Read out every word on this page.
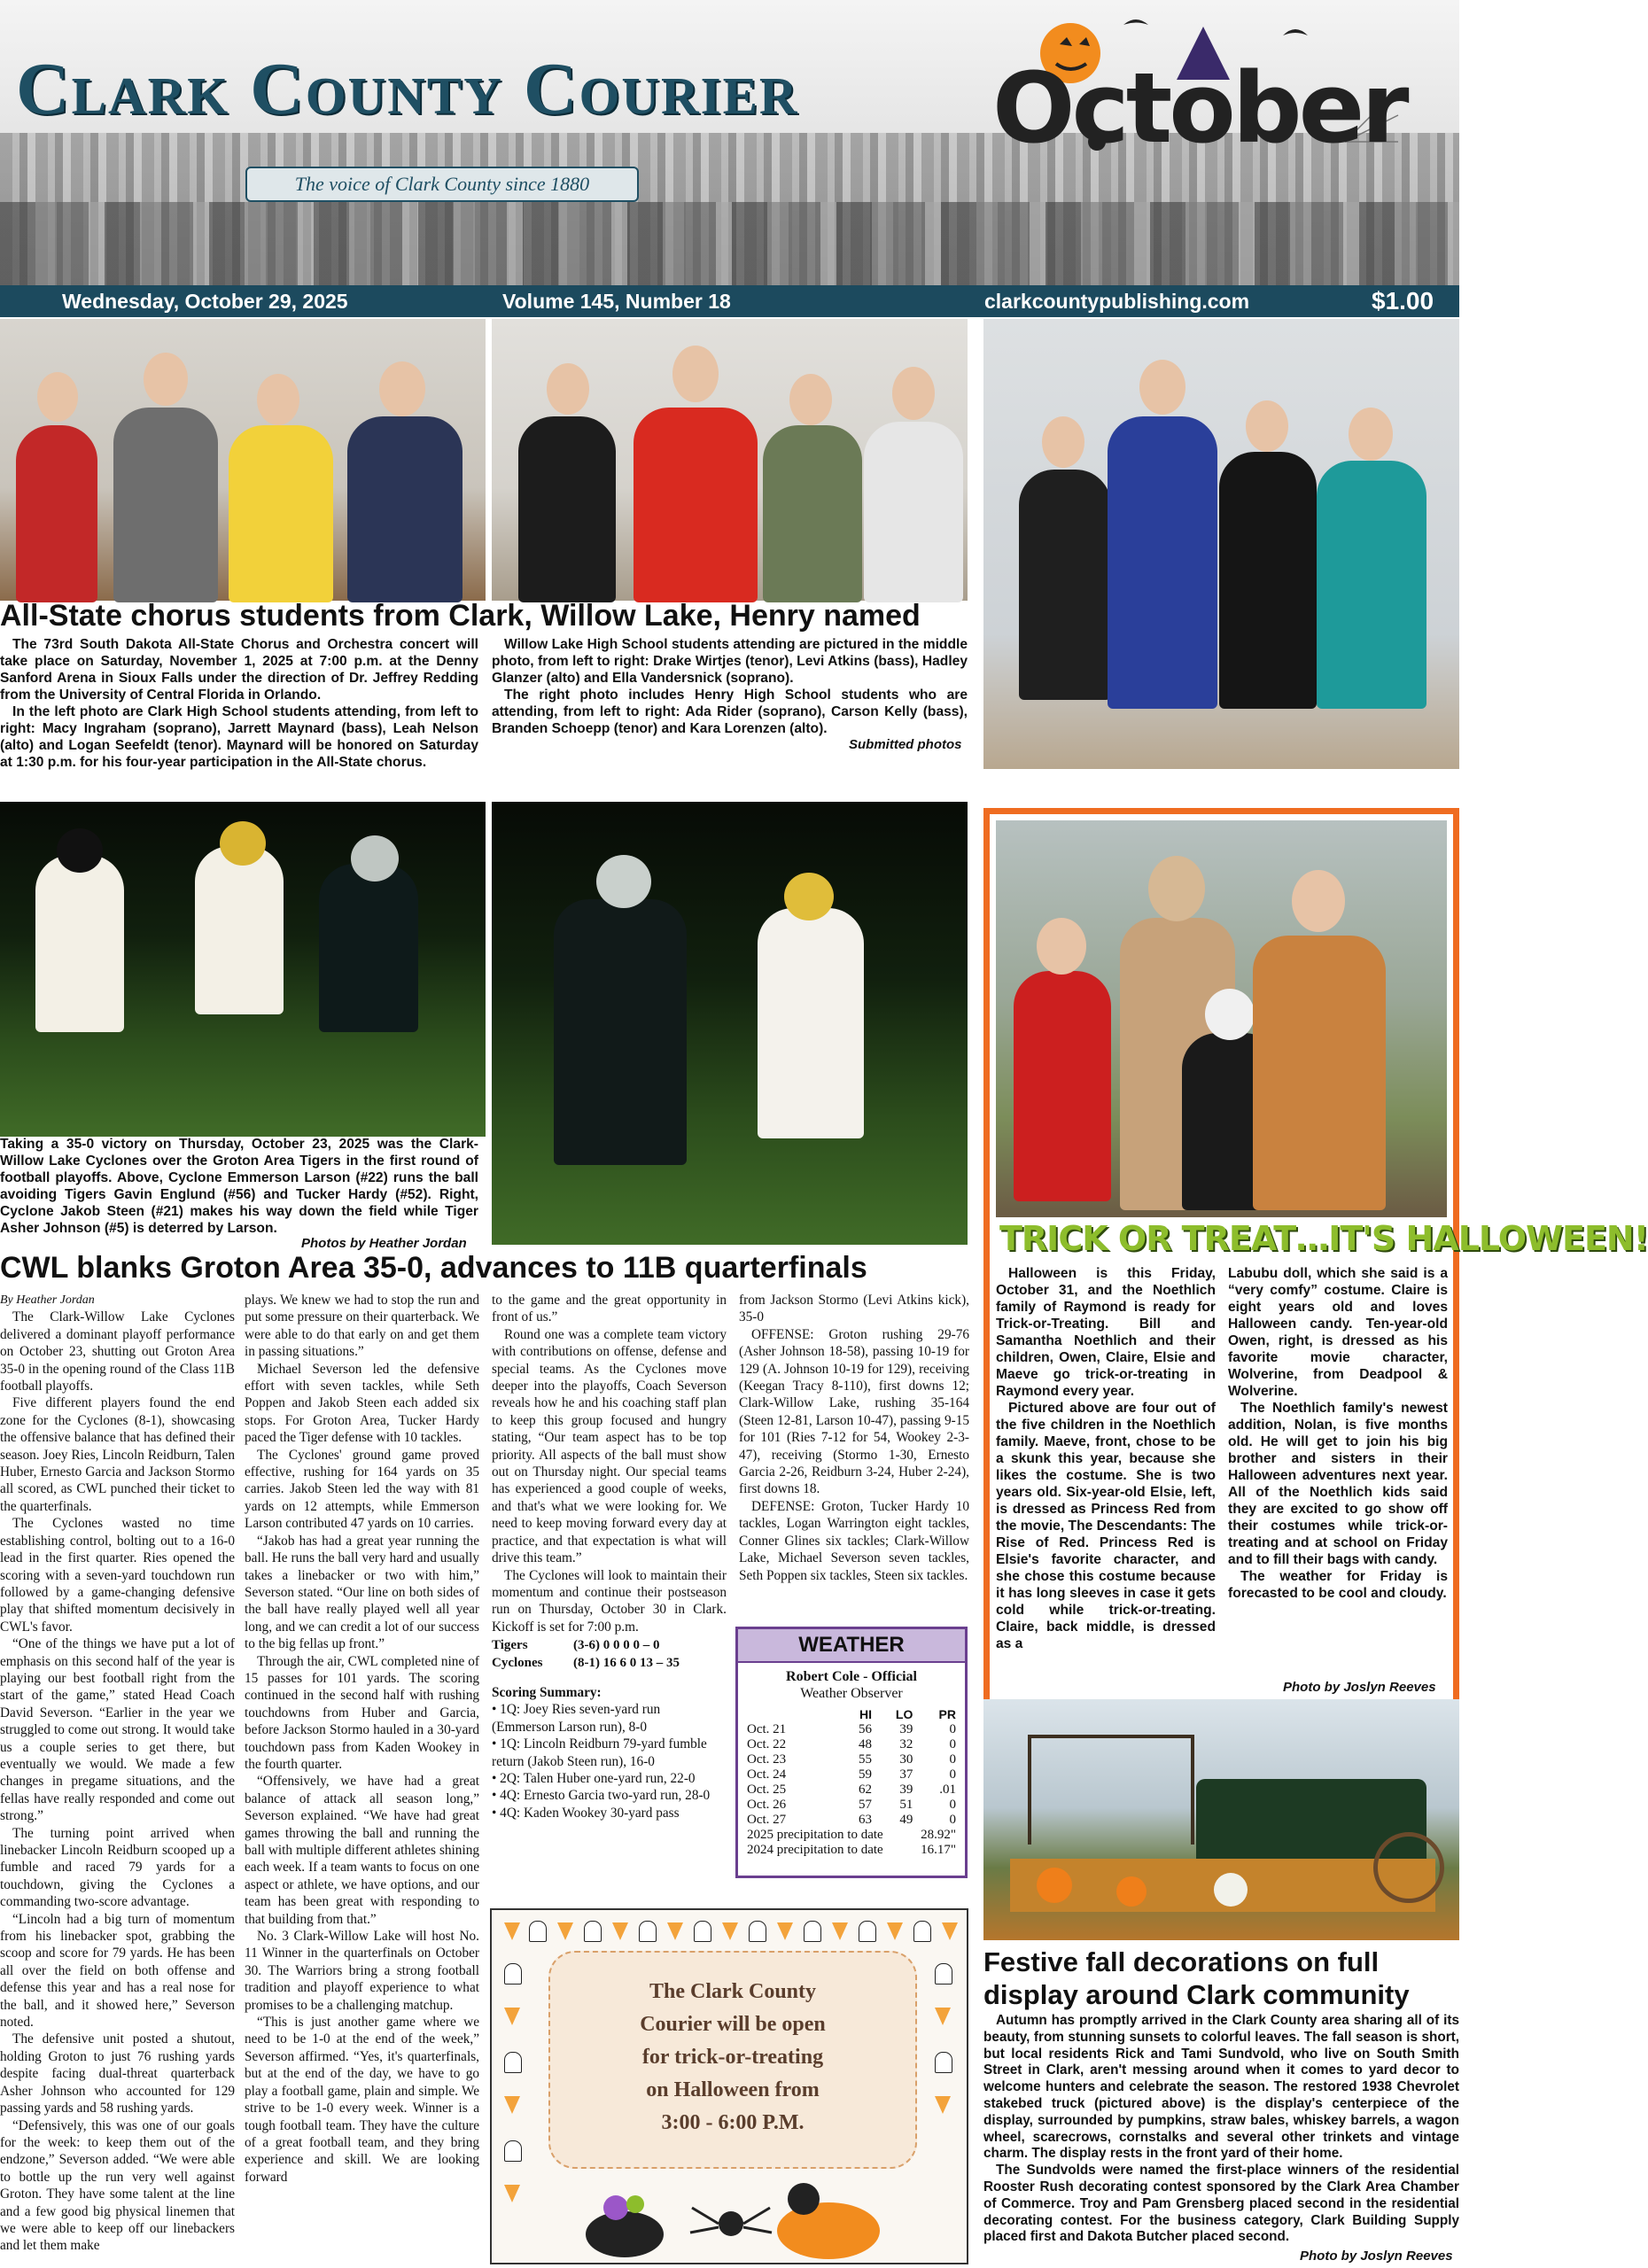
Clark County Courier
The voice of Clark County since 1880
October
Wednesday, October 29, 2025	Volume 145, Number 18	clarkcountypublishing.com	$1.00
All-State chorus students from Clark, Willow Lake, Henry named
The 73rd South Dakota All-State Chorus and Orchestra concert will take place on Saturday, November 1, 2025 at 7:00 p.m. at the Denny Sanford Arena in Sioux Falls under the direction of Dr. Jeffrey Redding from the University of Central Florida in Orlando.
In the left photo are Clark High School students attending, from left to right: Macy Ingraham (soprano), Jarrett Maynard (bass), Leah Nelson (alto) and Logan Seefeldt (tenor). Maynard will be honored on Saturday at 1:30 p.m. for his four-year participation in the All-State chorus.
Willow Lake High School students attending are pictured in the middle photo, from left to right: Drake Wirtjes (tenor), Levi Atkins (bass), Hadley Glanzer (alto) and Ella Vandersnick (soprano).
The right photo includes Henry High School students who are attending, from left to right: Ada Rider (soprano), Carson Kelly (bass), Branden Schoepp (tenor) and Kara Lorenzen (alto).
Submitted photos
Taking a 35-0 victory on Thursday, October 23, 2025 was the Clark-Willow Lake Cyclones over the Groton Area Tigers in the first round of football playoffs. Above, Cyclone Emmerson Larson (#22) runs the ball avoiding Tigers Gavin Englund (#56) and Tucker Hardy (#52). Right, Cyclone Jakob Steen (#21) makes his way down the field while Tiger Asher Johnson (#5) is deterred by Larson.
Photos by Heather Jordan
CWL blanks Groton Area 35-0, advances to 11B quarterfinals
By Heather Jordan

The Clark-Willow Lake Cyclones delivered a dominant playoff performance on October 23, shutting out Groton Area 35-0 in the opening round of the Class 11B football playoffs.

Five different players found the end zone for the Cyclones (8-1), showcasing the offensive balance that has defined their season. Joey Ries, Lincoln Reidburn, Talen Huber, Ernesto Garcia and Jackson Stormo all scored, as CWL punched their ticket to the quarterfinals.

The Cyclones wasted no time establishing control, bolting out to a 16-0 lead in the first quarter. Ries opened the scoring with a seven-yard touchdown run followed by a game-changing defensive play that shifted momentum decisively in CWL's favor.

“One of the things we have put a lot of emphasis on this second half of the year is playing our best football right from the start of the game,” stated Head Coach David Severson. “Earlier in the year we struggled to come out strong. It would take us a couple series to get there, but eventually we would. We made a few changes in pregame situations, and the fellas have really responded and come out strong.”

The turning point arrived when linebacker Lincoln Reidburn scooped up a fumble and raced 79 yards for a touchdown, giving the Cyclones a commanding two-score advantage.

“Lincoln had a big turn of momentum from his linebacker spot, grabbing the scoop and score for 79 yards. He has been all over the field on both offense and defense this year and has a real nose for the ball, and it showed here,” Severson noted.

The defensive unit posted a shutout, holding Groton to just 76 rushing yards despite facing dual-threat quarterback Asher Johnson who accounted for 129 passing yards and 58 rushing yards.

“Defensively, this was one of our goals for the week: to keep them out of the endzone,” Severson added. “We were able to bottle up the run very well against Groton. They have some talent at the line and a few good big physical linemen that we were able to keep off our linebackers and let them make

plays. We knew we had to stop the run and put some pressure on their quarterback. We were able to do that early on and get them in passing situations.”

Michael Severson led the defensive effort with seven tackles, while Seth Poppen and Jakob Steen each added six stops. For Groton Area, Tucker Hardy paced the Tiger defense with 10 tackles.

The Cyclones' ground game proved effective, rushing for 164 yards on 35 carries. Jakob Steen led the way with 81 yards on 12 attempts, while Emmerson Larson contributed 47 yards on 10 carries.

“Jakob has had a great year running the ball. He runs the ball very hard and usually takes a linebacker or two with him,” Severson stated. “Our line on both sides of the ball have really played well all year long, and we can credit a lot of our success to the big fellas up front.”

Through the air, CWL completed nine of 15 passes for 101 yards. The scoring continued in the second half with rushing touchdowns from Huber and Garcia, before Jackson Stormo hauled in a 30-yard touchdown pass from Kaden Wookey in the fourth quarter.

“Offensively, we have had a great balance of attack all season long,” Severson explained. “We have had great games throwing the ball and running the ball with multiple different athletes shining each week. If a team wants to focus on one aspect or athlete, we have options, and our team has been great with responding to that building from that.”

No. 3 Clark-Willow Lake will host No. 11 Winner in the quarterfinals on October 30. The Warriors bring a strong football tradition and playoff experience to what promises to be a challenging matchup.

“This is just another game where we need to be 1-0 at the end of the week,” Severson affirmed. “Yes, it's quarterfinals, but at the end of the day, we have to go play a football game, plain and simple. We strive to be 1-0 every week. Winner is a tough football team. They have the culture of a great football team, and they bring experience and skill. We are looking forward

to the game and the great opportunity in front of us.”

Round one was a complete team victory with contributions on offense, defense and special teams. As the Cyclones move deeper into the playoffs, Coach Severson reveals how he and his coaching staff plan to keep this group focused and hungry stating, “Our team aspect has to be top priority. All aspects of the ball must show out on Thursday night. Our special teams has experienced a good couple of weeks, and that's what we were looking for. We need to keep moving forward every day at practice, and that expectation is what will drive this team.”

The Cyclones will look to maintain their momentum and continue their postseason run on Thursday, October 30 in Clark. Kickoff is set for 7:00 p.m.

Tigers	(3-6) 0 0 0 0 – 0
Cyclones (8-1) 16 6 0 13 – 35
Scoring Summary:
• 1Q: Joey Ries seven-yard run (Emmerson Larson run), 8-0
• 1Q: Lincoln Reidburn 79-yard fumble return (Jakob Steen run), 16-0
• 2Q: Talen Huber one-yard run, 22-0
• 4Q: Ernesto Garcia two-yard run, 28-0
• 4Q: Kaden Wookey 30-yard pass

from Jackson Stormo (Levi Atkins kick), 35-0

OFFENSE: Groton rushing 29-76 (Asher Johnson 18-58), passing 10-19 for 129 (A. Johnson 10-19 for 129), receiving (Keegan Tracy 8-110), first downs 12; Clark-Willow Lake, rushing 35-164 (Steen 12-81, Larson 10-47), passing 9-15 for 101 (Ries 7-12 for 54, Wookey 2-3-47), receiving (Stormo 1-30, Ernesto Garcia 2-26, Reidburn 3-24, Huber 2-24), first downs 18.

DEFENSE: Groton, Tucker Hardy 10 tackles, Logan Warrington eight tackles, Conner Glines six tackles; Clark-Willow Lake, Michael Severson seven tackles, Seth Poppen six tackles, Steen six tackles.

WEATHER
Robert Cole - Official
Weather Observer
	HI	LO	PR
Oct. 21	56	39	0
Oct. 22	48	32	0
Oct. 23	55	30	0
Oct. 24	59	37	0
Oct. 25	62	39	.01
Oct. 26	57	51	0
Oct. 27	63	49	0
2025 precipitation to date			28.92"
2024 precipitation to date			16.17"
The Clark County
Courier will be open
for trick-or-treating
on Halloween from
3:00 - 6:00 P.M.
TRICK OR TREAT…IT'S HALLOWEEN!
Halloween is this Friday, October 31, and the Noethlich family of Raymond is ready for Trick-or-Treating. Bill and Samantha Noethlich and their children, Owen, Claire, Elsie and Maeve go trick-or-treating in Raymond every year.
Pictured above are four out of the five children in the Noethlich family. Maeve, front, chose to be a skunk this year, because she likes the costume. She is two years old. Six-year-old Elsie, left, is dressed as Princess Red from the movie, The Descendants: The Rise of Red. Princess Red is Elsie's favorite character, and she chose this costume because it has long sleeves in case it gets cold while trick-or-treating. Claire, back middle, is dressed as a
Labubu doll, which she said is a “very comfy” costume. Claire is eight years old and loves Halloween candy. Ten-year-old Owen, right, is dressed as his favorite movie character, Wolverine, from Deadpool & Wolverine.
The Noethlich family's newest addition, Nolan, is five months old. He will get to join his big brother and sisters in their Halloween adventures next year. All of the Noethlich kids said they are excited to go show off their costumes while trick-or-treating and at school on Friday and to fill their bags with candy.
The weather for Friday is forecasted to be cool and cloudy.
Photo by Joslyn Reeves
Festive fall decorations on full
display around Clark community
Autumn has promptly arrived in the Clark County area sharing all of its beauty, from stunning sunsets to colorful leaves. The fall season is short, but local residents Rick and Tami Sundvold, who live on South Smith Street in Clark, aren't messing around when it comes to yard decor to welcome hunters and celebrate the season. The restored 1938 Chevrolet stakebed truck (pictured above) is the display's centerpiece of the display, surrounded by pumpkins, straw bales, whiskey barrels, a wagon wheel, scarecrows, cornstalks and several other trinkets and vintage charm. The display rests in the front yard of their home.
The Sundvolds were named the first-place winners of the residential Rooster Rush decorating contest sponsored by the Clark Area Chamber of Commerce. Troy and Pam Grensberg placed second in the residential decorating contest. For the business category, Clark Building Supply placed first and Dakota Butcher placed second.
Photo by Joslyn Reeves
